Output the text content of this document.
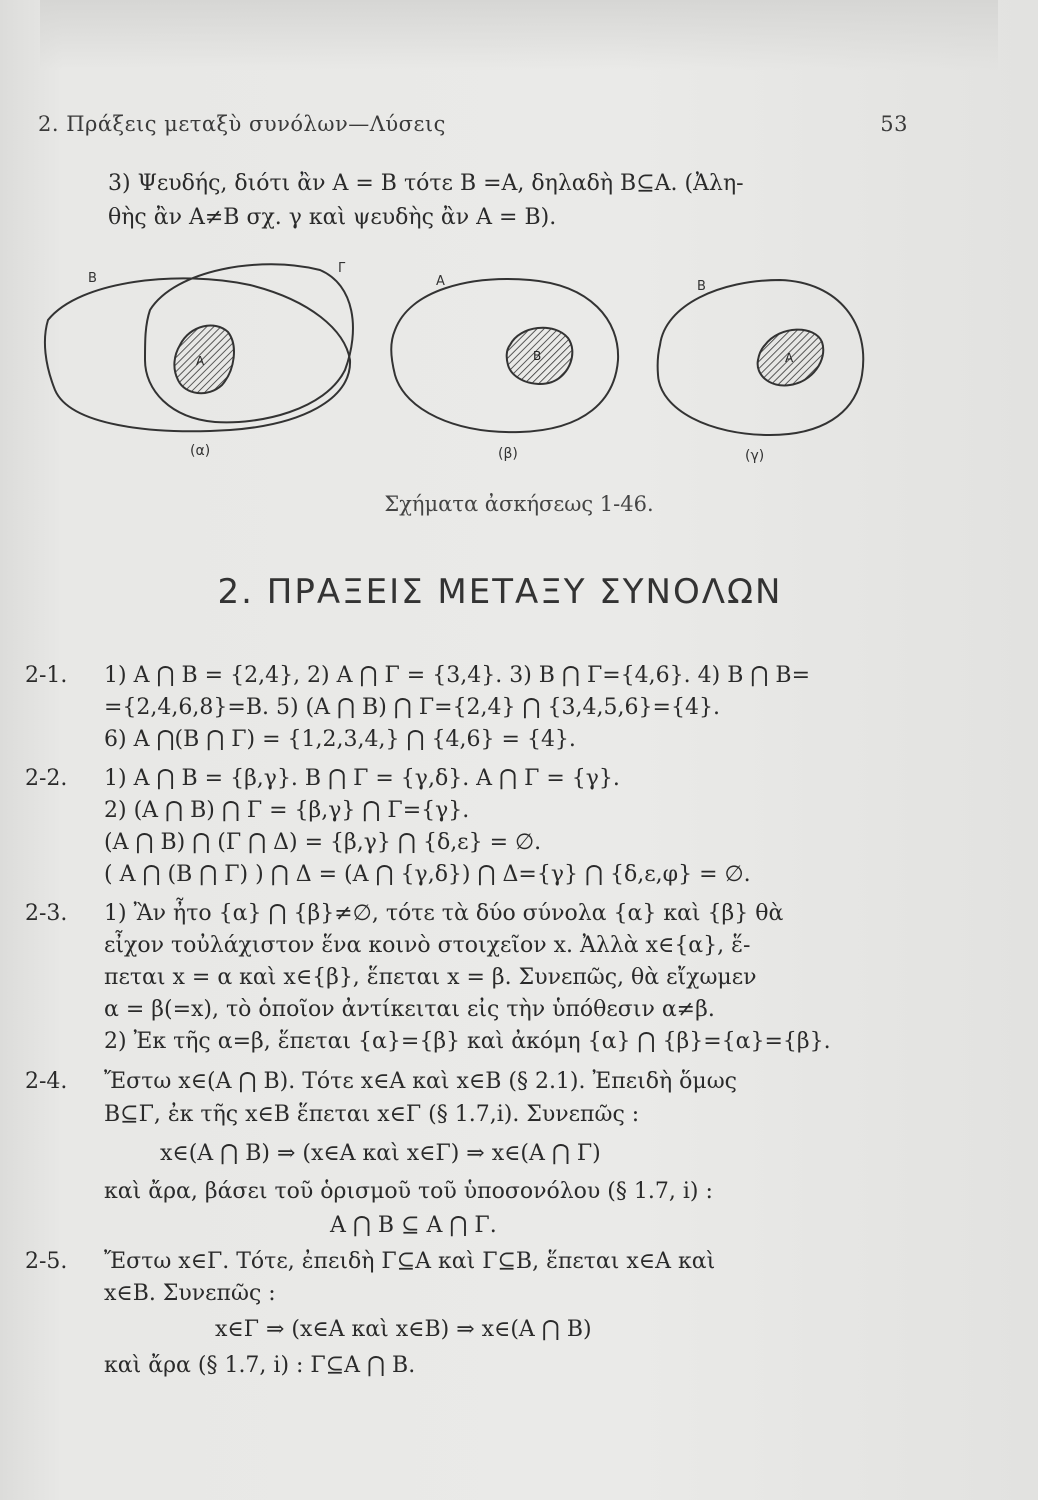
2. Πράξεις μεταξὺ συνόλων—Λύσεις	53
3) Ψευδής, διότι ἂν A = B τότε B =A, δηλαδὴ B⊆A. (Ἀλη-
θὴς ἂν A≠B σχ. γ καὶ ψευδὴς ἂν A = B).
B
Γ
A
(α)
A
B
(β)
B
A
(γ)
Σχήματα ἀσκήσεως 1-46.
2. ΠΡΑΞΕΙΣ ΜΕΤΑΞΥ ΣΥΝΟΛΩΝ
2-1. 1) A ⋂ B = {2,4}, 2) A ⋂ Γ = {3,4}. 3) B ⋂ Γ={4,6}. 4) B ⋂ B=
={2,4,6,8}=B. 5) (A ⋂ B) ⋂ Γ={2,4} ⋂ {3,4,5,6}={4}.
6) A ⋂(B ⋂ Γ) = {1,2,3,4,} ⋂ {4,6} = {4}.
2-2. 1) A ⋂ B = {β,γ}. B ⋂ Γ = {γ,δ}. A ⋂ Γ = {γ}.
2) (A ⋂ B) ⋂ Γ = {β,γ} ⋂ Γ={γ}.
(A ⋂ B) ⋂ (Γ ⋂ Δ) = {β,γ} ⋂ {δ,ε} = ∅.
( A ⋂ (B ⋂ Γ) ) ⋂ Δ = (A ⋂ {γ,δ}) ⋂ Δ={γ} ⋂ {δ,ε,φ} = ∅.
2-3. 1) Ἂν ἦτο {α} ⋂ {β}≠∅, τότε τὰ δύο σύνολα {α} καὶ {β} θὰ
εἶχον τοὐλάχιστον ἕνα κοινὸ στοιχεῖον x. Ἀλλὰ x∈{α}, ἕ-
πεται x = α καὶ x∈{β}, ἕπεται x = β. Συνεπῶς, θὰ εἴχωμεν
α = β(=x), τὸ ὁποῖον ἀντίκειται εἰς τὴν ὑπόθεσιν α≠β.
2) Ἐκ τῆς α=β, ἕπεται {α}={β} καὶ ἀκόμη {α} ⋂ {β}={α}={β}.
2-4. Ἔστω x∈(A ⋂ B). Τότε x∈A καὶ x∈B (§ 2.1). Ἐπειδὴ ὅμως
B⊆Γ, ἐκ τῆς x∈B ἕπεται x∈Γ (§ 1.7,i). Συνεπῶς :
x∈(A ⋂ B) ⇒ (x∈A καὶ x∈Γ) ⇒ x∈(A ⋂ Γ)
καὶ ἄρα, βάσει τοῦ ὁρισμοῦ τοῦ ὑποσονόλου (§ 1.7, i) :
A ⋂ B ⊆ A ⋂ Γ.
2-5. Ἔστω x∈Γ. Τότε, ἐπειδὴ Γ⊆A καὶ Γ⊆B, ἕπεται x∈A καὶ
x∈B. Συνεπῶς :
x∈Γ ⇒ (x∈A καὶ x∈B) ⇒ x∈(A ⋂ B)
καὶ ἄρα (§ 1.7, i) : Γ⊆A ⋂ B.
